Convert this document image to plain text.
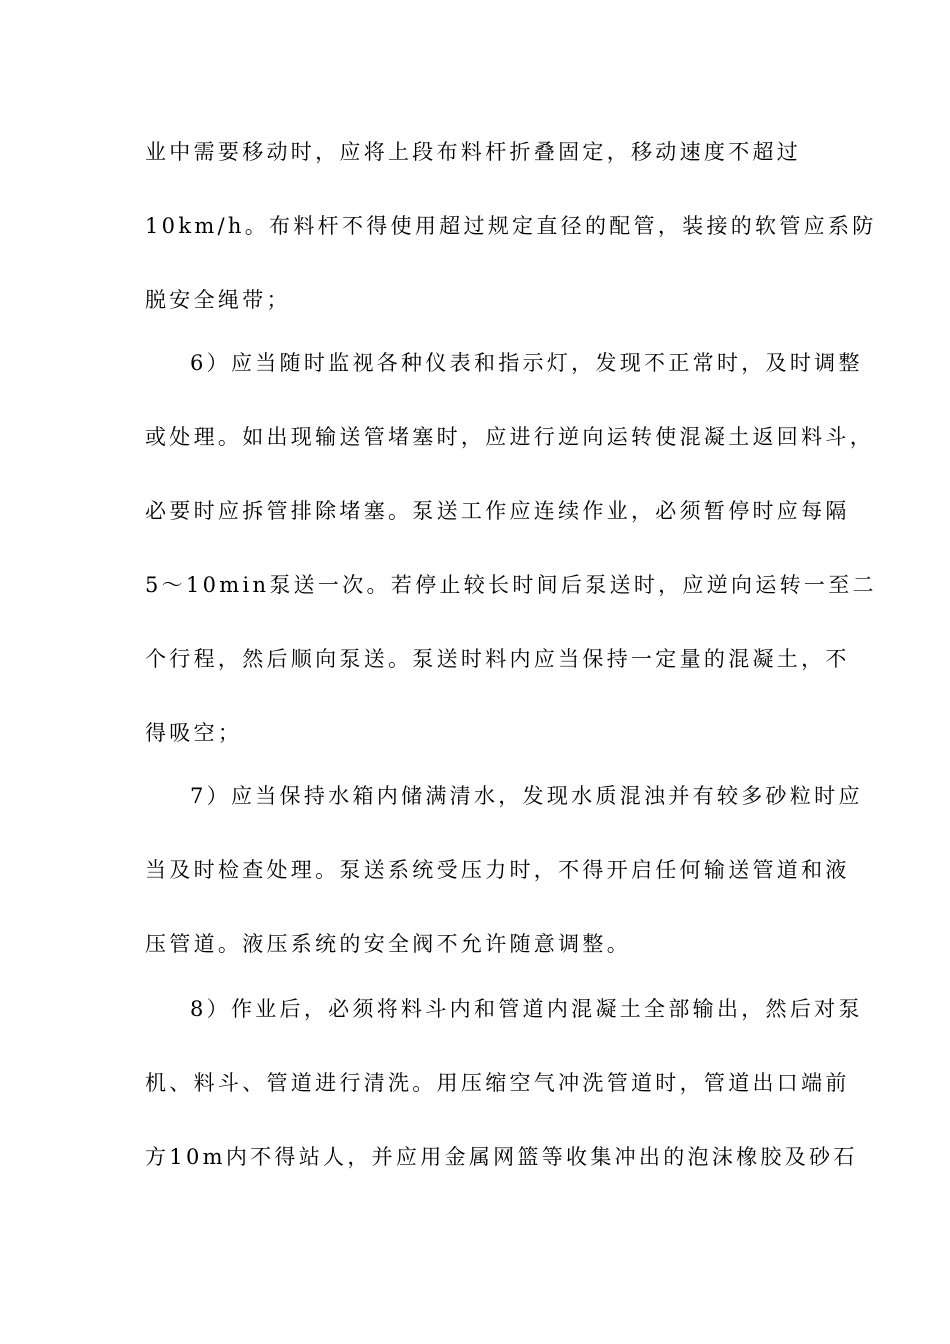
业中需要移动时，应将上段布料杆折叠固定，移动速度不超过
10km/h。布料杆不得使用超过规定直径的配管，装接的软管应系防
脱安全绳带；
6）应当随时监视各种仪表和指示灯，发现不正常时，及时调整
或处理。如出现输送管堵塞时，应进行逆向运转使混凝土返回料斗，
必要时应拆管排除堵塞。泵送工作应连续作业，必须暂停时应每隔
5～10min泵送一次。若停止较长时间后泵送时，应逆向运转一至二
个行程，然后顺向泵送。泵送时料内应当保持一定量的混凝土，不
得吸空；
7）应当保持水箱内储满清水，发现水质混浊并有较多砂粒时应
当及时检查处理。泵送系统受压力时，不得开启任何输送管道和液
压管道。液压系统的安全阀不允许随意调整。
8）作业后，必须将料斗内和管道内混凝土全部输出，然后对泵
机、料斗、管道进行清洗。用压缩空气冲洗管道时，管道出口端前
方10m内不得站人，并应用金属网篮等收集冲出的泡沫橡胶及砂石
